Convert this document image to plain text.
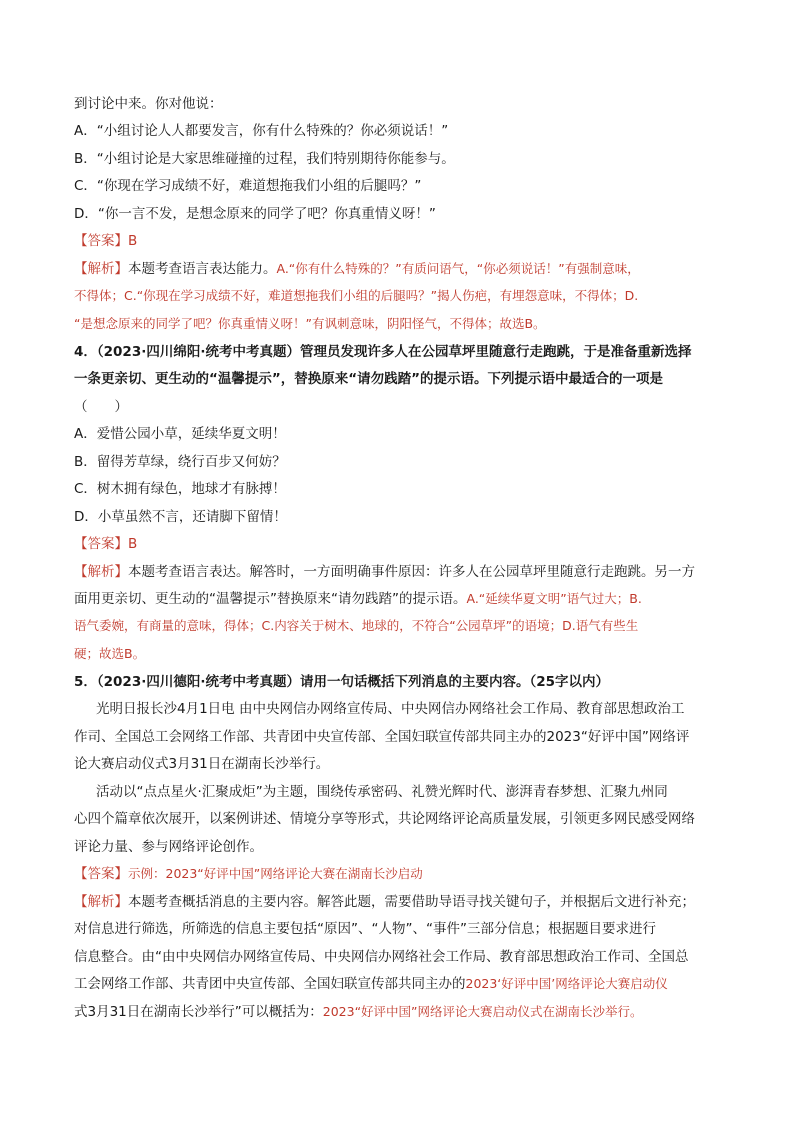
到讨论中来。你对他说：
A．“小组讨论人人都要发言，你有什么特殊的？你必须说话！”
B．“小组讨论是大家思维碰撞的过程，我们特别期待你能参与。
C．“你现在学习成绩不好，难道想拖我们小组的后腿吗？”
D．“你一言不发，是想念原来的同学了吧？你真重情义呀！”
【答案】B
【解析】本题考查语言表达能力。A.“你有什么特殊的？”有质问语气，“你必须说话！”有强制意味，
不得体；C.“你现在学习成绩不好，难道想拖我们小组的后腿吗？”揭人伤疤，有埋怨意味，不得体；D.
“是想念原来的同学了吧？你真重情义呀！”有讽刺意味，阴阳怪气，不得体；故选B。
4．（2023·四川绵阳·统考中考真题）管理员发现许多人在公园草坪里随意行走跑跳，于是准备重新选择
一条更亲切、更生动的“温馨提示”，替换原来“请勿践踏”的提示语。下列提示语中最适合的一项是
（　　）
A．爱惜公园小草，延续华夏文明！
B．留得芳草绿，绕行百步又何妨？
C．树木拥有绿色，地球才有脉搏！
D．小草虽然不言，还请脚下留情！
【答案】B
【解析】本题考查语言表达。解答时，一方面明确事件原因：许多人在公园草坪里随意行走跑跳。另一方
面用更亲切、更生动的“温馨提示”替换原来“请勿践踏”的提示语。A.“延续华夏文明”语气过大；B.
语气委婉，有商量的意味，得体；C.内容关于树木、地球的，不符合“公园草坪”的语境；D.语气有些生
硬；故选B。
5．（2023·四川德阳·统考中考真题）请用一句话概括下列消息的主要内容。（25字以内）
光明日报长沙4月1日电 由中央网信办网络宣传局、中央网信办网络社会工作局、教育部思想政治工
作司、全国总工会网络工作部、共青团中央宣传部、全国妇联宣传部共同主办的2023“好评中国”网络评
论大赛启动仪式3月31日在湖南长沙举行。
活动以“点点星火·汇聚成炬”为主题，围绕传承密码、礼赞光辉时代、澎湃青春梦想、汇聚九州同
心四个篇章依次展开，以案例讲述、情境分享等形式，共论网络评论高质量发展，引领更多网民感受网络
评论力量、参与网络评论创作。
【答案】示例：2023“好评中国”网络评论大赛在湖南长沙启动
【解析】本题考查概括消息的主要内容。解答此题，需要借助导语寻找关键句子，并根据后文进行补充；
对信息进行筛选，所筛选的信息主要包括“原因”、“人物”、“事件”三部分信息；根据题目要求进行
信息整合。由“由中央网信办网络宣传局、中央网信办网络社会工作局、教育部思想政治工作司、全国总
工会网络工作部、共青团中央宣传部、全国妇联宣传部共同主办的2023‘好评中国’网络评论大赛启动仪
式3月31日在湖南长沙举行”可以概括为：2023“好评中国”网络评论大赛启动仪式在湖南长沙举行。
